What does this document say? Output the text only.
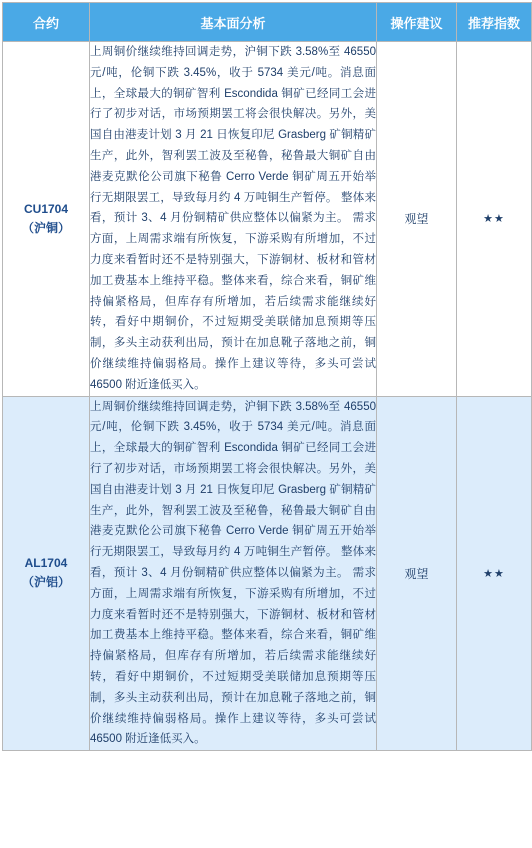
合约	基本面分析	操作建议	推荐指数

CU1704
（沪铜）	上周铜价继续维持回调走势，沪铜下跌 3.58%至 46550 元/吨，伦铜下跌 3.45%，收于 5734 美元/吨。消息面上，全球最大的铜矿智利 Escondida 铜矿已经同工会进行了初步对话，市场预期罢工将会很快解决。另外，美国自由港麦计划 3 月 21 日恢复印尼 Grasberg 矿铜精矿生产，此外，智利罢工波及至秘鲁，秘鲁最大铜矿自由港麦克默伦公司旗下秘鲁 Cerro Verde 铜矿周五开始举行无期限罢工，导致每月约 4 万吨铜生产暂停。 整体来看，预计 3、4 月份铜精矿供应整体以偏紧为主。 需求方面，上周需求端有所恢复，下游采购有所增加，不过力度来看暂时还不是特别强大，下游铜材、板材和管材加工费基本上维持平稳。整体来看，综合来看，铜矿维持偏紧格局，但库存有所增加，若后续需求能继续好转，看好中期铜价，不过短期受美联储加息预期等压制，多头主动获利出局，预计在加息靴子落地之前，铜价继续维持偏弱格局。操作上建议等待，多头可尝试 46500 附近逢低买入。	观望	★★

AL1704
（沪铝）	上周铜价继续维持回调走势，沪铜下跌 3.58%至 46550 元/吨，伦铜下跌 3.45%，收于 5734 美元/吨。消息面上，全球最大的铜矿智利 Escondida 铜矿已经同工会进行了初步对话，市场预期罢工将会很快解决。另外，美国自由港麦计划 3 月 21 日恢复印尼 Grasberg 矿铜精矿生产，此外，智利罢工波及至秘鲁，秘鲁最大铜矿自由港麦克默伦公司旗下秘鲁 Cerro Verde 铜矿周五开始举行无期限罢工，导致每月约 4 万吨铜生产暂停。 整体来看，预计 3、4 月份铜精矿供应整体以偏紧为主。 需求方面，上周需求端有所恢复，下游采购有所增加，不过力度来看暂时还不是特别强大，下游铜材、板材和管材加工费基本上维持平稳。整体来看，综合来看，铜矿维持偏紧格局，但库存有所增加，若后续需求能继续好转，看好中期铜价，不过短期受美联储加息预期等压制，多头主动获利出局，预计在加息靴子落地之前，铜价继续维持偏弱格局。操作上建议等待，多头可尝试 46500 附近逢低买入。	观望	★★
